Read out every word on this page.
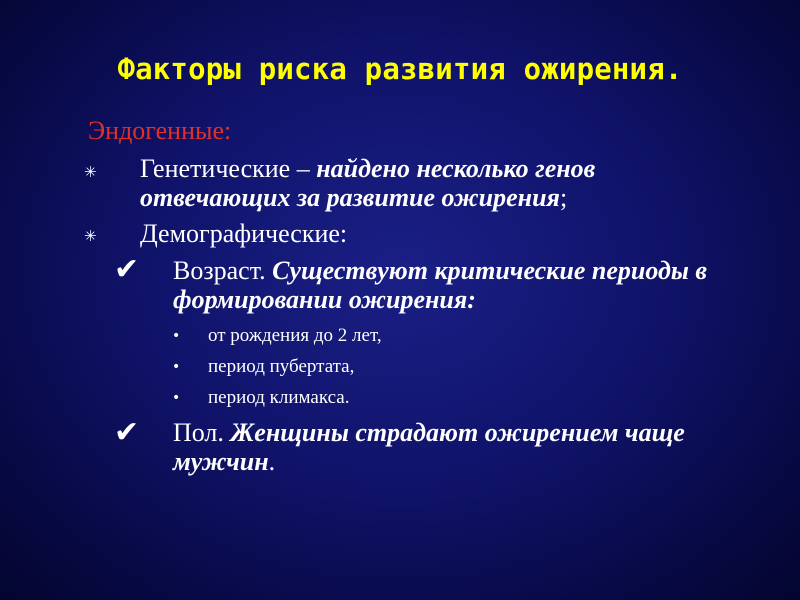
Факторы риска развития ожирения.
Эндогенные:
✳ Генетические – найдено несколько генов отвечающих за развитие ожирения;
✳ Демографические:
✔ Возраст. Существуют критические периоды в формировании ожирения:
• от рождения до 2 лет,
• период пубертата,
• период климакса.
✔ Пол. Женщины страдают ожирением чаще мужчин.
